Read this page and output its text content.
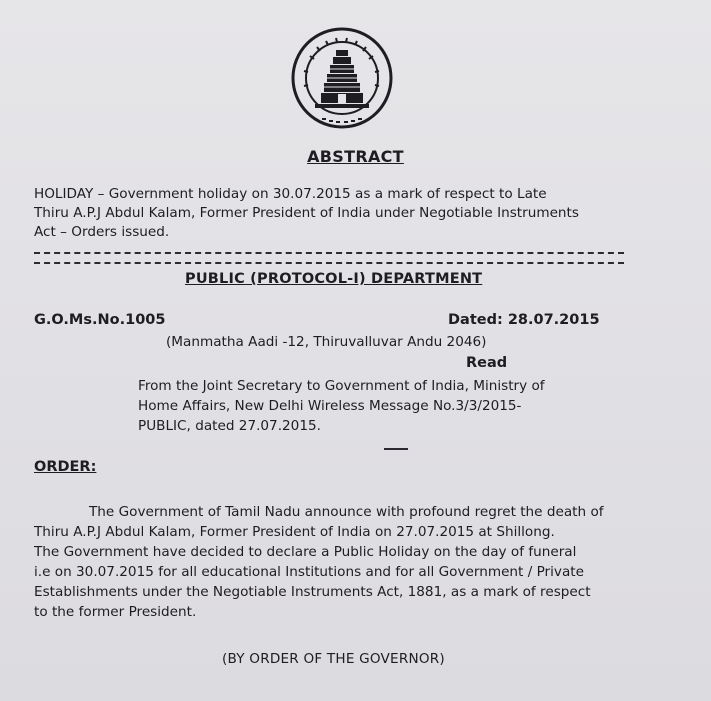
ABSTRACT
HOLIDAY – Government holiday on 30.07.2015 as a mark of respect to Late
Thiru A.P.J Abdul Kalam, Former President of India under Negotiable Instruments
Act – Orders issued.
PUBLIC (PROTOCOL-I) DEPARTMENT
G.O.Ms.No.1005	Dated: 28.07.2015
(Manmatha Aadi -12, Thiruvalluvar Andu 2046)
Read
From the Joint Secretary to Government of India, Ministry of
Home Affairs, New Delhi Wireless Message No.3/3/2015-
PUBLIC, dated 27.07.2015.
ORDER:
The Government of Tamil Nadu announce with profound regret the death of
Thiru A.P.J Abdul Kalam, Former President of India on 27.07.2015 at Shillong.
The Government have decided to declare a Public Holiday on the day of funeral
i.e on 30.07.2015 for all educational Institutions and for all Government / Private
Establishments under the Negotiable Instruments Act, 1881, as a mark of respect
to the former President.
(BY ORDER OF THE GOVERNOR)
